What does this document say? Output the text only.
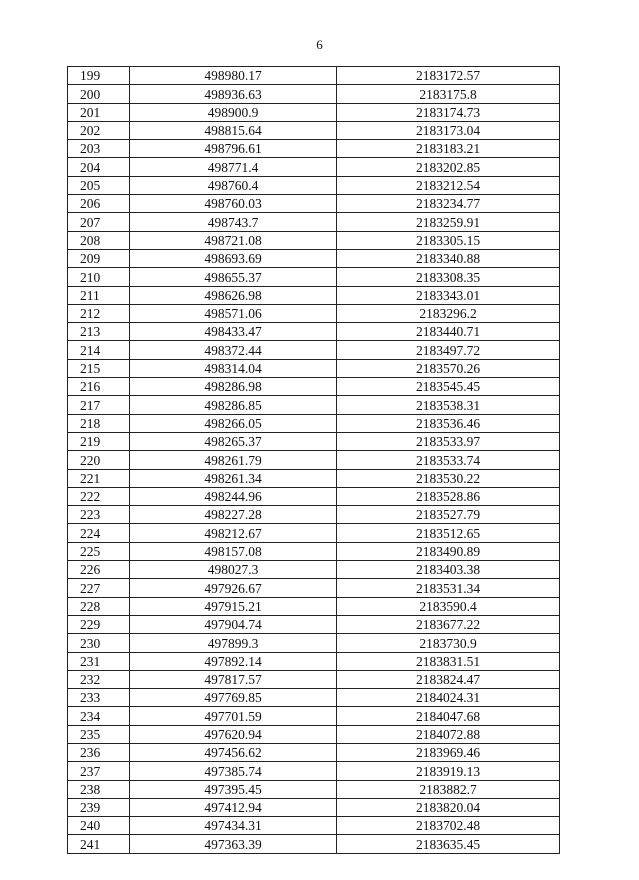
6
199	498980.17	2183172.57
200	498936.63	2183175.8
201	498900.9	2183174.73
202	498815.64	2183173.04
203	498796.61	2183183.21
204	498771.4	2183202.85
205	498760.4	2183212.54
206	498760.03	2183234.77
207	498743.7	2183259.91
208	498721.08	2183305.15
209	498693.69	2183340.88
210	498655.37	2183308.35
211	498626.98	2183343.01
212	498571.06	2183296.2
213	498433.47	2183440.71
214	498372.44	2183497.72
215	498314.04	2183570.26
216	498286.98	2183545.45
217	498286.85	2183538.31
218	498266.05	2183536.46
219	498265.37	2183533.97
220	498261.79	2183533.74
221	498261.34	2183530.22
222	498244.96	2183528.86
223	498227.28	2183527.79
224	498212.67	2183512.65
225	498157.08	2183490.89
226	498027.3	2183403.38
227	497926.67	2183531.34
228	497915.21	2183590.4
229	497904.74	2183677.22
230	497899.3	2183730.9
231	497892.14	2183831.51
232	497817.57	2183824.47
233	497769.85	2184024.31
234	497701.59	2184047.68
235	497620.94	2184072.88
236	497456.62	2183969.46
237	497385.74	2183919.13
238	497395.45	2183882.7
239	497412.94	2183820.04
240	497434.31	2183702.48
241	497363.39	2183635.45
